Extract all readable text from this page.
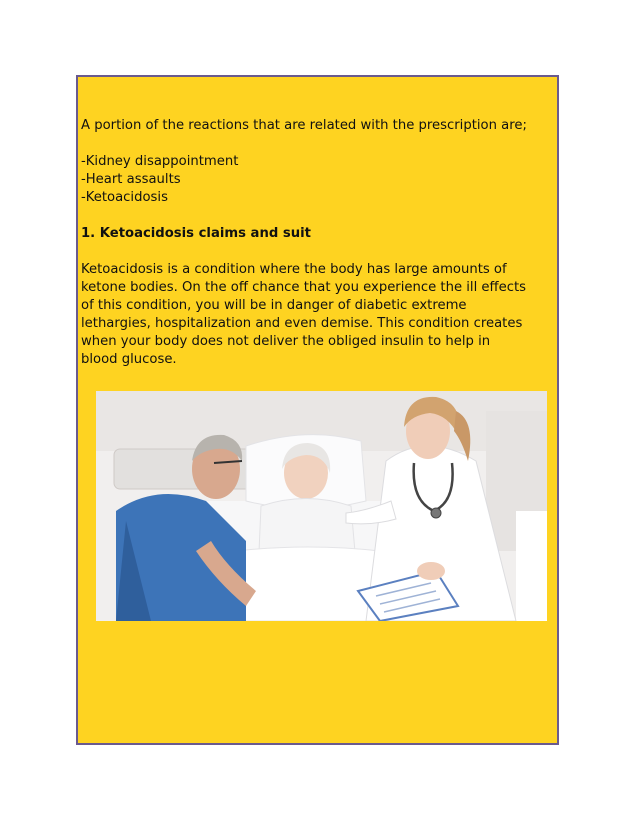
A portion of the reactions that are related with the prescription are;

-Kidney disappointment

-Heart assaults

-Ketoacidosis

1. Ketoacidosis claims and suit

Ketoacidosis is a condition where the body has large amounts of

ketone bodies. On the off chance that you experience the ill effects

of this condition, you will be in danger of diabetic extreme

lethargies, hospitalization and even demise. This condition creates

when your body does not deliver the obliged insulin to help in

blood glucose.
